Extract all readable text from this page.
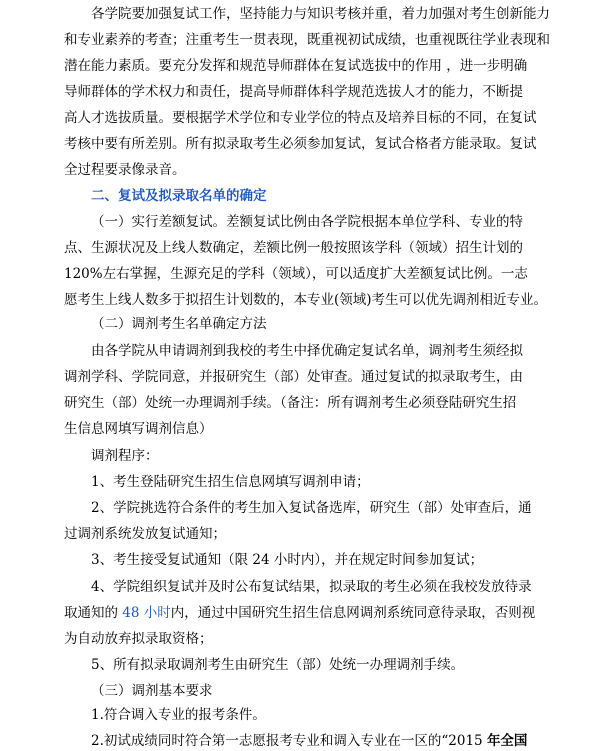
各学院要加强复试工作，坚持能力与知识考核并重，着力加强对考生创新能力
和专业素养的考查；注重考生一贯表现，既重视初试成绩，也重视既往学业表现和
潜在能力素质。要充分发挥和规范导师群体在复试选拔中的作用 ，进一步明确
导师群体的学术权力和责任，提高导师群体科学规范选拔人才的能力，不断提
高人才选拔质量。要根据学术学位和专业学位的特点及培养目标的不同，在复试
考核中要有所差别。所有拟录取考生必须参加复试，复试合格者方能录取。复试
全过程要录像录音。
二、复试及拟录取名单的确定
（一）实行差额复试。差额复试比例由各学院根据本单位学科、专业的特
点、生源状况及上线人数确定，差额比例一般按照该学科（领域）招生计划的
120%左右掌握，生源充足的学科（领域），可以适度扩大差额复试比例。一志
愿考生上线人数多于拟招生计划数的，本专业(领域)考生可以优先调剂相近专业。
（二）调剂考生名单确定方法
由各学院从申请调剂到我校的考生中择优确定复试名单，调剂考生须经拟
调剂学科、学院同意，并报研究生（部）处审查。通过复试的拟录取考生，由
研究生（部）处统一办理调剂手续。（备注：所有调剂考生必须登陆研究生招
生信息网填写调剂信息）
调剂程序：
1、考生登陆研究生招生信息网填写调剂申请；
2、学院挑选符合条件的考生加入复试备选库，研究生（部）处审查后，通
过调剂系统发放复试通知；
3、考生接受复试通知（限 24 小时内），并在规定时间参加复试；
4、学院组织复试并及时公布复试结果，拟录取的考生必须在我校发放待录
取通知的 48 小时内，通过中国研究生招生信息网调剂系统同意待录取，否则视
为自动放弃拟录取资格；
5、所有拟录取调剂考生由研究生（部）处统一办理调剂手续。
（三）调剂基本要求
1.符合调入专业的报考条件。
2.初试成绩同时符合第一志愿报考专业和调入专业在一区的“2015 年全国
